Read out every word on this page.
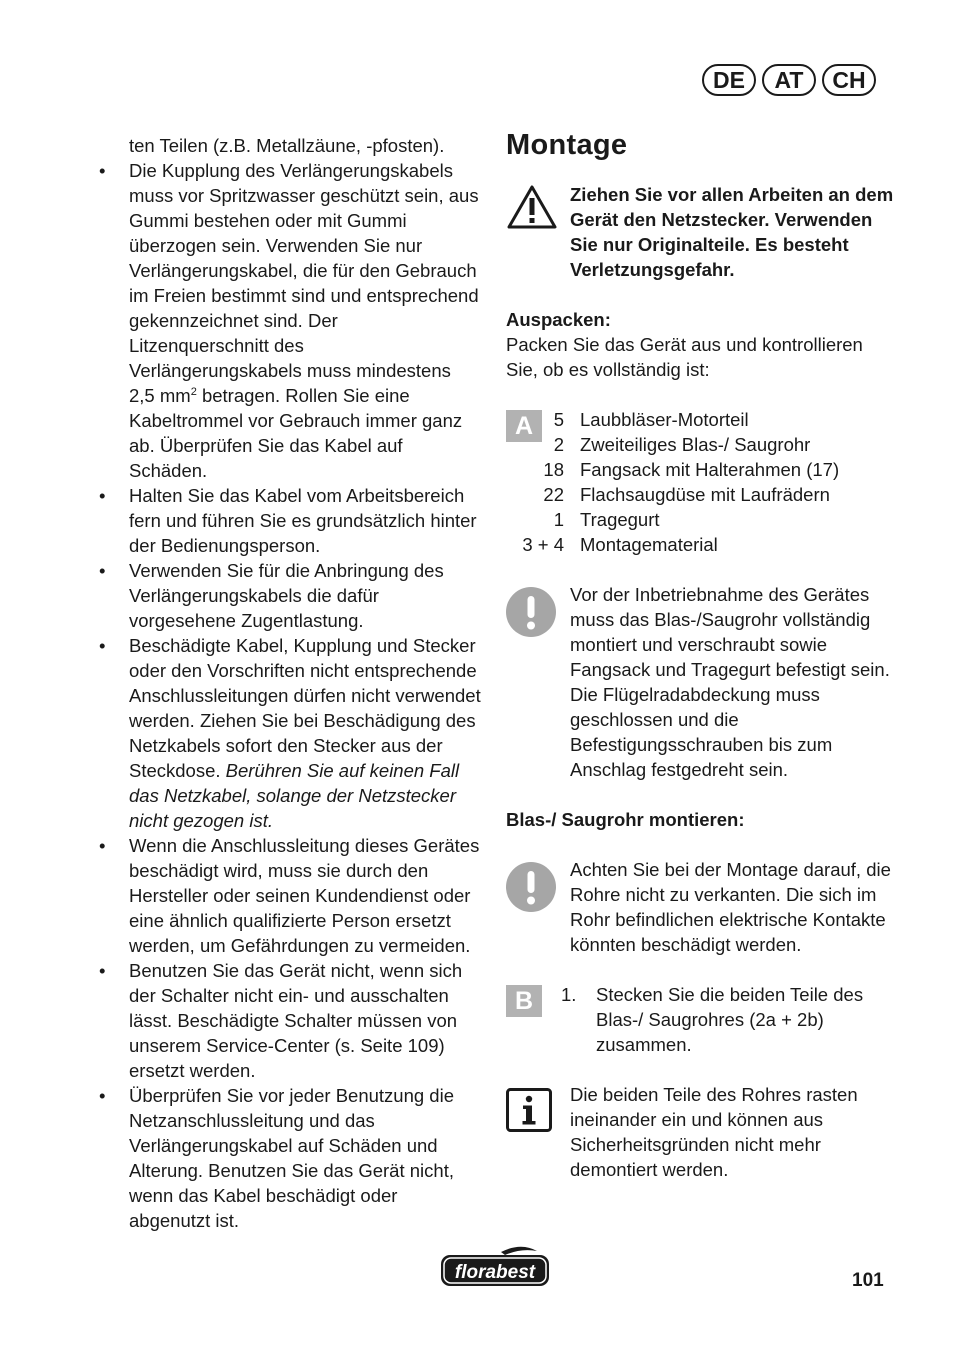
DE	AT	CH
ten Teilen (z.B. Metallzäune, -pfosten).
• Die Kupplung des Verlängerungskabels muss vor Spritzwasser geschützt sein, aus Gummi bestehen oder mit Gummi überzogen sein. Verwenden Sie nur Verlängerungskabel, die für den Gebrauch im Freien bestimmt sind und entsprechend gekennzeichnet sind. Der Litzenquerschnitt des Verlängerungskabels muss mindestens 2,5 $mm^2$ betragen. Rollen Sie eine Kabeltrommel vor Gebrauch immer ganz ab. Überprüfen Sie das Kabel auf Schäden.
• Halten Sie das Kabel vom Arbeitsbereich fern und führen Sie es grundsätzlich hinter der Bedienungsperson.
• Verwenden Sie für die Anbringung des Verlängerungskabels die dafür vorgesehene Zugentlastung.
• Beschädigte Kabel, Kupplung und Stecker oder den Vorschriften nicht entsprechende Anschlussleitungen dürfen nicht verwendet werden. Ziehen Sie bei Beschädigung des Netzkabels sofort den Stecker aus der Steckdose. Berühren Sie auf keinen Fall das Netzkabel, solange der Netzstecker nicht gezogen ist.
• Wenn die Anschlussleitung dieses Gerätes beschädigt wird, muss sie durch den Hersteller oder seinen Kundendienst oder eine ähnlich qualifizierte Person ersetzt werden, um Gefährdungen zu vermeiden.
• Benutzen Sie das Gerät nicht, wenn sich der Schalter nicht ein- und ausschalten lässt. Beschädigte Schalter müssen von unserem Service-Center (s. Seite 109) ersetzt werden.
• Überprüfen Sie vor jeder Benutzung die Netzanschlussleitung und das Verlängerungskabel auf Schäden und Alterung. Benutzen Sie das Gerät nicht, wenn das Kabel beschädigt oder abgenutzt ist.
Montage
Ziehen Sie vor allen Arbeiten an dem Gerät den Netzstecker. Verwenden Sie nur Originalteile. Es besteht Verletzungsgefahr.
Auspacken:
Packen Sie das Gerät aus und kontrollieren Sie, ob es vollständig ist:
A	5 Laubbläser-Motorteil
2 Zweiteiliges Blas-/ Saugrohr
18 Fangsack mit Halterahmen (17)
22 Flachsaugdüse mit Laufrädern
1 Tragegurt
3 + 4 Montagematerial
Vor der Inbetriebnahme des Gerätes muss das Blas-/Saugrohr vollständig montiert und verschraubt sowie Fangsack und Tragegurt befestigt sein. Die Flügelradabdeckung muss geschlossen und die Befestigungsschrauben bis zum Anschlag festgedreht sein.
Blas-/ Saugrohr montieren:
Achten Sie bei der Montage darauf, die Rohre nicht zu verkanten. Die sich im Rohr befindlichen elektrische Kontakte könnten beschädigt werden.
B	1. Stecken Sie die beiden Teile des Blas-/ Saugrohres (2a + 2b) zusammen.
Die beiden Teile des Rohres rasten ineinander ein und können aus Sicherheitsgründen nicht mehr demontiert werden.
florabest	101
